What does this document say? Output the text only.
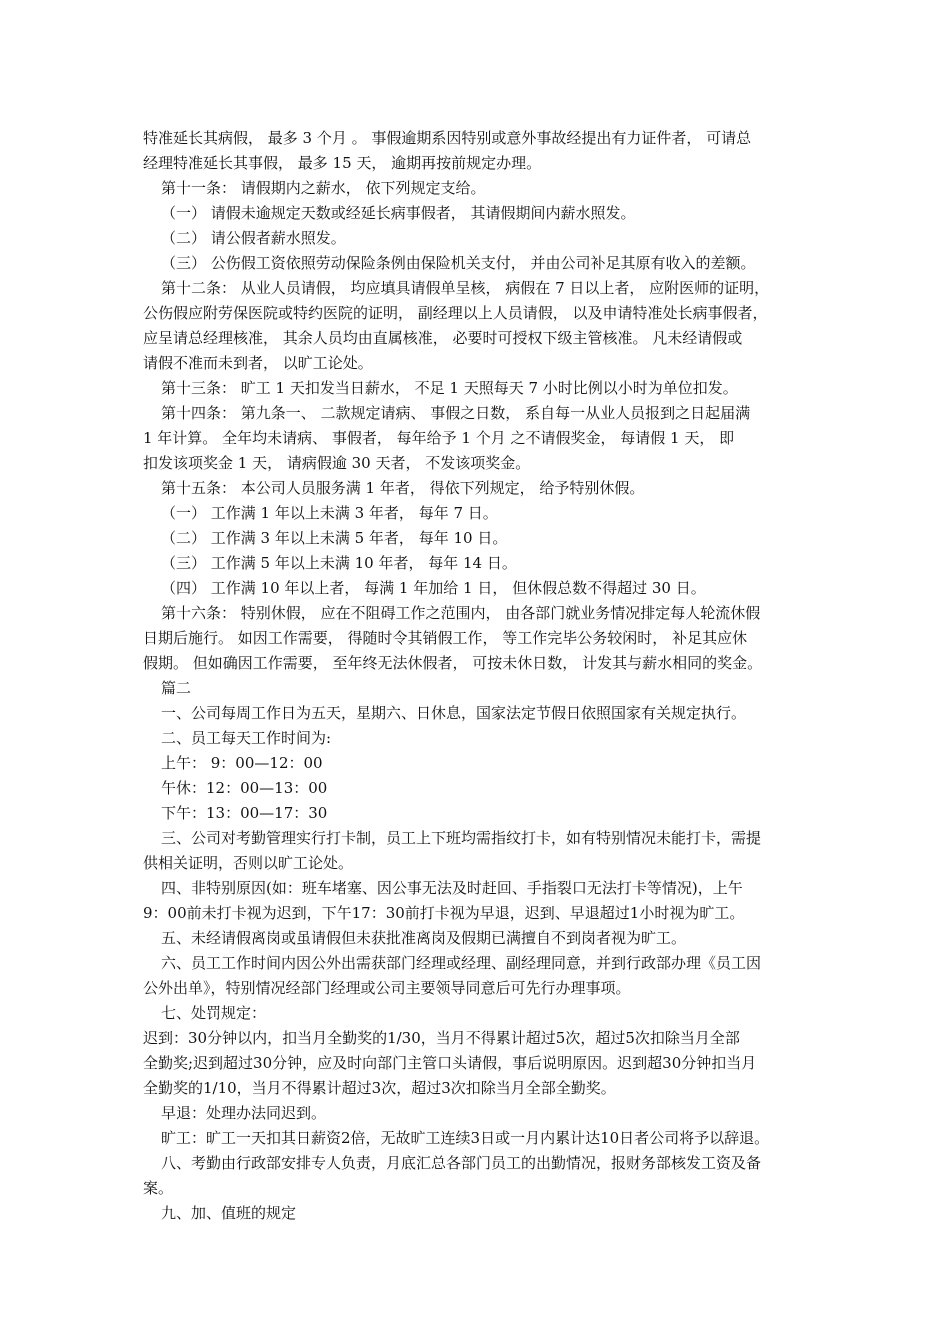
特准延长其病假， 最多 3 个月 。 事假逾期系因特别或意外事故经提出有力证件者， 可请总
经理特准延长其事假， 最多 15 天， 逾期再按前规定办理。
第十一条： 请假期内之薪水， 依下列规定支给。
（一） 请假未逾规定天数或经延长病事假者， 其请假期间内薪水照发。
（二） 请公假者薪水照发。
（三） 公伤假工资依照劳动保险条例由保险机关支付， 并由公司补足其原有收入的差额。
第十二条： 从业人员请假， 均应填具请假单呈核， 病假在 7 日以上者， 应附医师的证明，
公伤假应附劳保医院或特约医院的证明， 副经理以上人员请假， 以及申请特准处长病事假者，
应呈请总经理核准， 其余人员均由直属核准， 必要时可授权下级主管核准。 凡未经请假或
请假不准而未到者， 以旷工论处。
第十三条： 旷工 1 天扣发当日薪水， 不足 1 天照每天 7 小时比例以小时为单位扣发。
第十四条： 第九条一、 二款规定请病、 事假之日数， 系自每一从业人员报到之日起届满
1 年计算。 全年均未请病、 事假者， 每年给予 1 个月 之不请假奖金， 每请假 1 天， 即
扣发该项奖金 1 天， 请病假逾 30 天者， 不发该项奖金。
第十五条： 本公司人员服务满 1 年者， 得依下列规定， 给予特别休假。
（一） 工作满 1 年以上未满 3 年者， 每年 7 日。
（二） 工作满 3 年以上未满 5 年者， 每年 10 日。
（三） 工作满 5 年以上未满 10 年者， 每年 14 日。
（四） 工作满 10 年以上者， 每满 1 年加给 1 日， 但休假总数不得超过 30 日。
第十六条： 特别休假， 应在不阻碍工作之范围内， 由各部门就业务情况排定每人轮流休假
日期后施行。 如因工作需要， 得随时令其销假工作， 等工作完毕公务较闲时， 补足其应休
假期。 但如确因工作需要， 至年终无法休假者， 可按未休日数， 计发其与薪水相同的奖金。
篇二
一、公司每周工作日为五天，星期六、日休息，国家法定节假日依照国家有关规定执行。
二、员工每天工作时间为:
上午： 9：00—12：00
午休：12：00—13：00
下午：13：00—17：30
三、公司对考勤管理实行打卡制，员工上下班均需指纹打卡，如有特别情况未能打卡，需提
供相关证明，否则以旷工论处。
四、非特别原因(如：班车堵塞、因公事无法及时赶回、手指裂口无法打卡等情况)，上午
9：00前未打卡视为迟到，下午17：30前打卡视为早退，迟到、早退超过1小时视为旷工。
五、未经请假离岗或虽请假但未获批准离岗及假期已满擅自不到岗者视为旷工。
六、员工工作时间内因公外出需获部门经理或经理、副经理同意，并到行政部办理《员工因
公外出单》，特别情况经部门经理或公司主要领导同意后可先行办理事项。
七、处罚规定：
迟到：30分钟以内，扣当月全勤奖的1/30，当月不得累计超过5次，超过5次扣除当月全部
全勤奖;迟到超过30分钟，应及时向部门主管口头请假，事后说明原因。迟到超30分钟扣当月
全勤奖的1/10，当月不得累计超过3次，超过3次扣除当月全部全勤奖。
早退：处理办法同迟到。
旷工：旷工一天扣其日薪资2倍，无故旷工连续3日或一月内累计达10日者公司将予以辞退。
八、考勤由行政部安排专人负责，月底汇总各部门员工的出勤情况，报财务部核发工资及备
案。
九、加、值班的规定
